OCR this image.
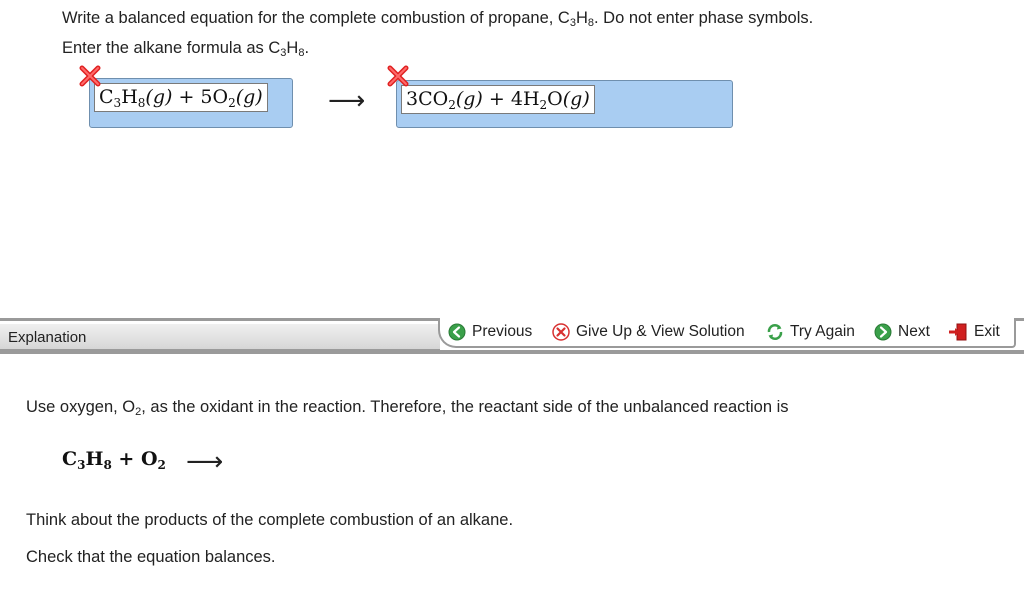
Write a balanced equation for the complete combustion of propane, $C_3H_8$. Do not enter phase symbols.
Enter the alkane formula as $C_3H_8$.
$C_3H_8(g) + 5O_2(g)$	⟶ $3CO_2(g) + 4H_2O(g)$
Explanation	Previous	Give Up & View Solution	Try Again	Next	Exit
Use oxygen, $O_2$, as the oxidant in the reaction. Therefore, the reactant side of the unbalanced reaction is
$C_3H_8 + O_2$ ⟶
Think about the products of the complete combustion of an alkane.
Check that the equation balances.
